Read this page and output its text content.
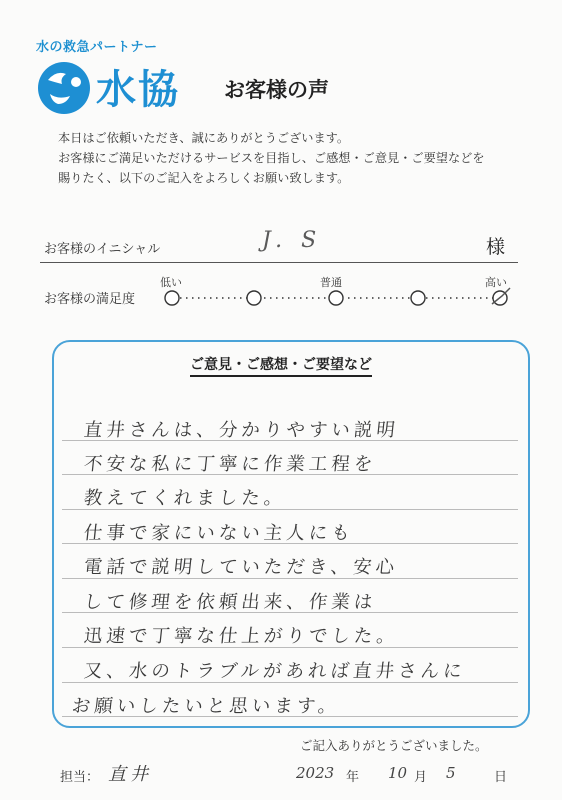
水の救急パートナー
水協 お客様の声
本日はご依頼いただき、誠にありがとうございます。
お客様にご満足いただけるサービスを目指し、ご感想・ご意見・ご要望などを
賜りたく、以下のご記入をよろしくお願い致します。
お客様のイニシャル	J. S	様
お客様の満足度
低い	普通	高い
ご意見・ご感想・ご要望など
直井さんは、分かりやすい説明
不安な私に丁寧に作業工程を
教えてくれました。
仕事で家にいない主人にも
電話で説明していただき、安心
して修理を依頼出来、作業は
迅速で丁寧な仕上がりでした。
又、水のトラブルがあれば直井さんに
お願いしたいと思います。
ご記入ありがとうございました。
担当： 直井	2023 年 10 月 5	日
